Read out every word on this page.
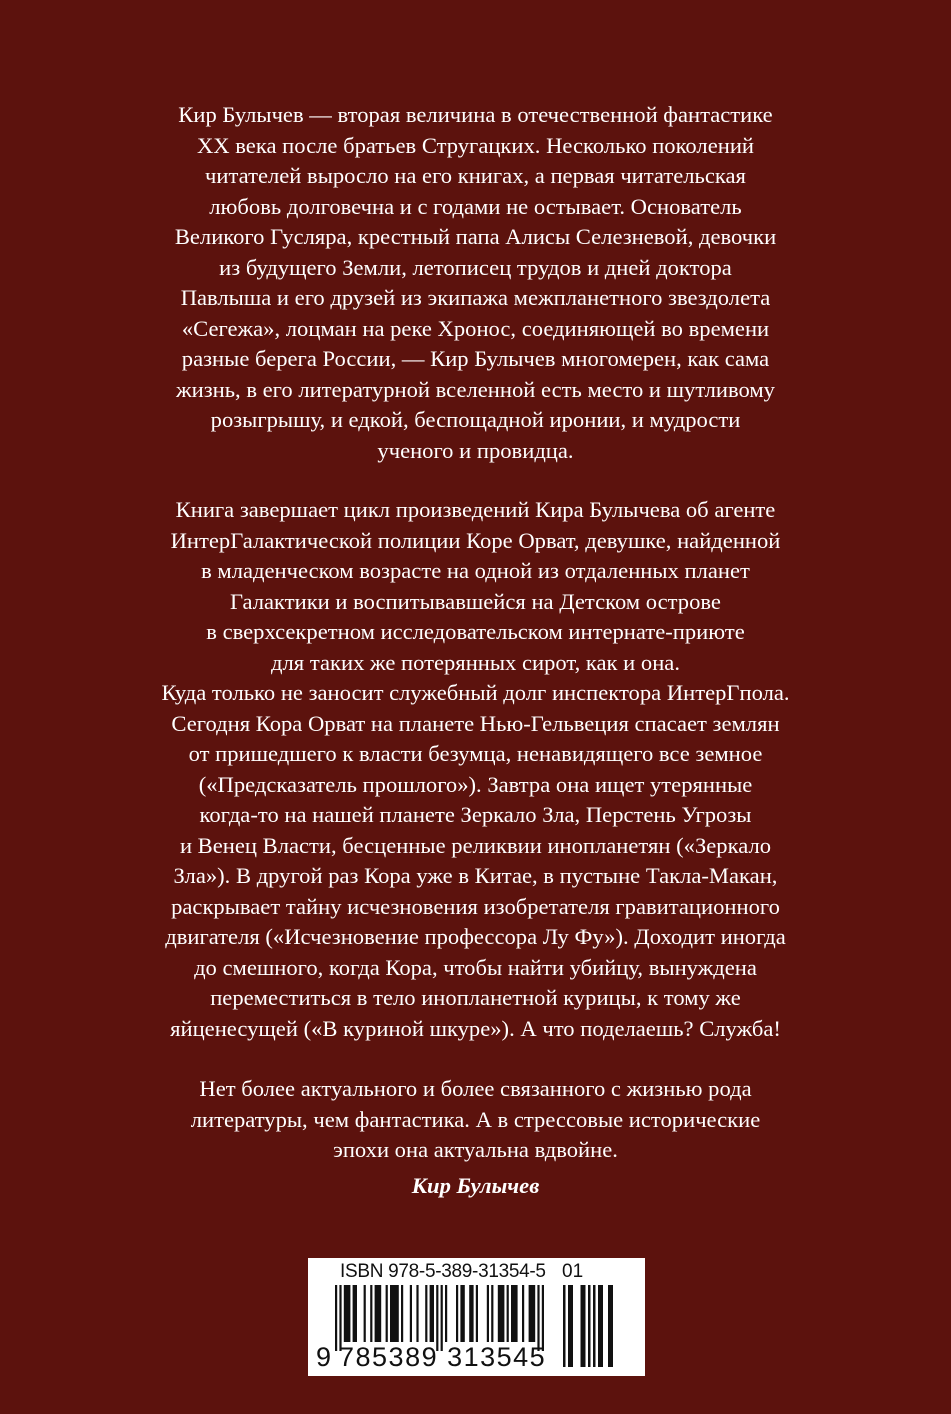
Кир Булычев — вторая величина в отечественной фантастике
XX века после братьев Стругацких. Несколько поколений
читателей выросло на его книгах, а первая читательская
любовь долговечна и с годами не остывает. Основатель
Великого Гусляра, крестный папа Алисы Селезневой, девочки
из будущего Земли, летописец трудов и дней доктора
Павлыша и его друзей из экипажа межпланетного звездолета
«Сегежа», лоцман на реке Хронос, соединяющей во времени
разные берега России, — Кир Булычев многомерен, как сама
жизнь, в его литературной вселенной есть место и шутливому
розыгрышу, и едкой, беспощадной иронии, и мудрости
ученого и провидца.
Книга завершает цикл произведений Кира Булычева об агенте
ИнтерГалактической полиции Коре Орват, девушке, найденной
в младенческом возрасте на одной из отдаленных планет
Галактики и воспитывавшейся на Детском острове
в сверхсекретном исследовательском интернате-приюте
для таких же потерянных сирот, как и она.
Куда только не заносит служебный долг инспектора ИнтерГпола.
Сегодня Кора Орват на планете Нью-Гельвеция спасает землян
от пришедшего к власти безумца, ненавидящего все земное
(«Предсказатель прошлого»). Завтра она ищет утерянные
когда-то на нашей планете Зеркало Зла, Перстень Угрозы
и Венец Власти, бесценные реликвии инопланетян («Зеркало
Зла»). В другой раз Кора уже в Китае, в пустыне Такла-Макан,
раскрывает тайну исчезновения изобретателя гравитационного
двигателя («Исчезновение профессора Лу Фу»). Доходит иногда
до смешного, когда Кора, чтобы найти убийцу, вынуждена
переместиться в тело инопланетной курицы, к тому же
яйценесущей («В куриной шкуре»). А что поделаешь? Служба!
Нет более актуального и более связанного с жизнью рода
литературы, чем фантастика. А в стрессовые исторические
эпохи она актуальна вдвойне.
Кир Булычев
ISBN 978-5-389-31354-5 01
9 785389 313545
